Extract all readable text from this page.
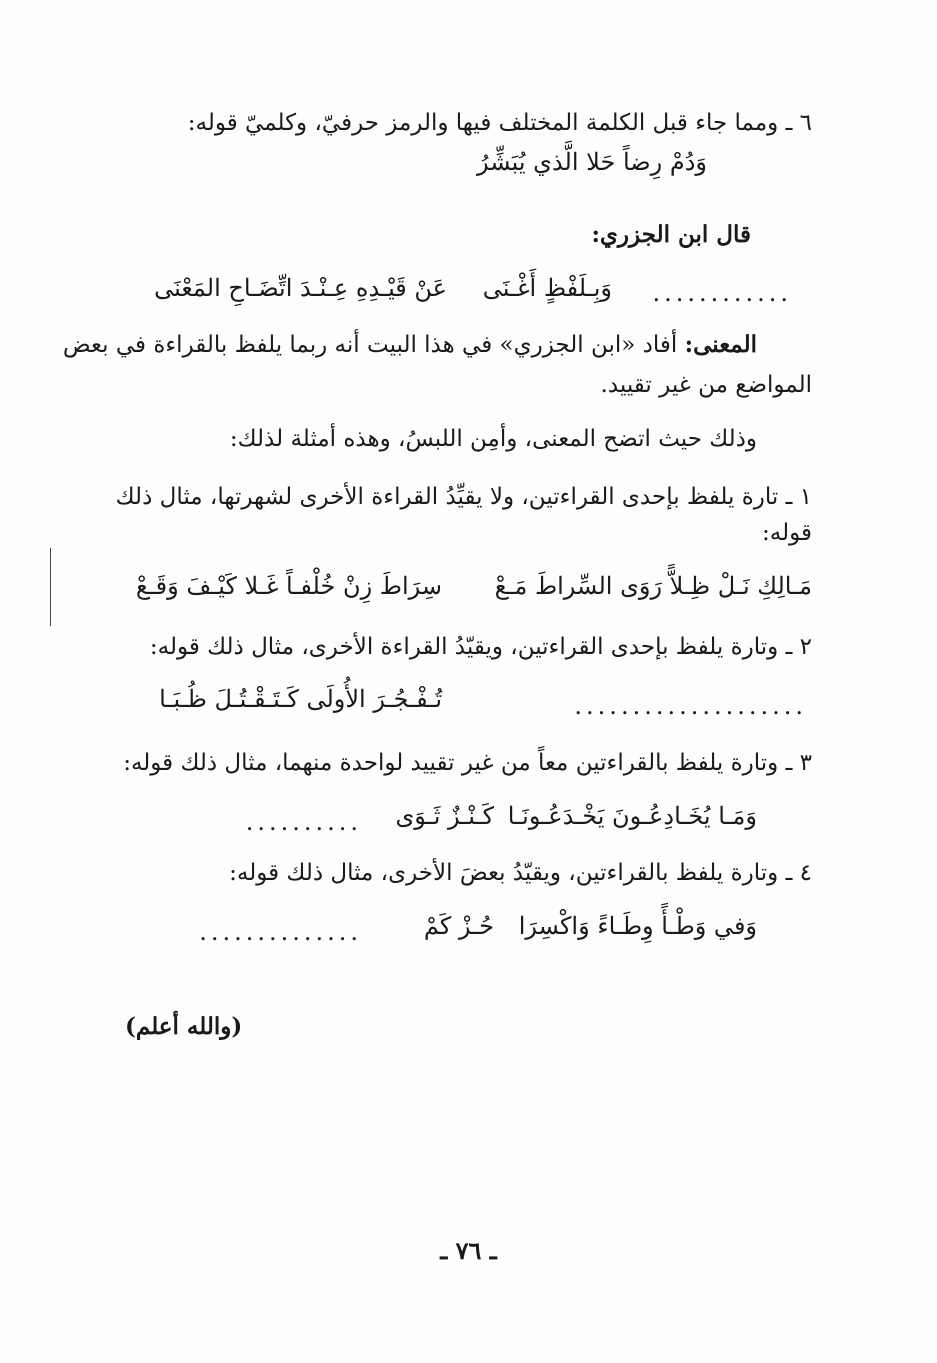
٦ ـ ومما جاء قبل الكلمة المختلف فيها والرمز حرفيّ، وكلميّ قوله:
وَدُمْ رِضاً حَلا الَّذي يُبَشِّرُ
قال ابن الجزري:
............
وَبِـلَفْظٍ أَغْـنَى
عَنْ قَيْـدِهِ عِـنْـدَ اتِّضَـاحِ المَعْنَى
المعنى: أفاد «ابن الجزري» في هذا البيت أنه ربما يلفظ بالقراءة في بعض
المواضع من غير تقييد.
وذلك حيث اتضح المعنى، وأمِن اللبسُ، وهذه أمثلة لذلك:
١ ـ تارة يلفظ بإحدى القراءتين، ولا يقيِّدُ القراءة الأخرى لشهرتها، مثال ذلك
قوله:
مَـالِكِ نَـلْ ظِـلاًّ رَوَى السِّراطَ مَـعْ
سِرَاطَ زِنْ خُلْفـاً غَـلا كَيْـفَ وَقَـعْ
٢ ـ وتارة يلفظ بإحدى القراءتين، ويقيّدُ القراءة الأخرى، مثال ذلك قوله:
....................
تُـفْـجُـرَ الأُولَى كَـتَـقْـتُـلَ ظُـبَـا
٣ ـ وتارة يلفظ بالقراءتين معاً من غير تقييد لواحدة منهما، مثال ذلك قوله:
وَمَـا يُخَـادِعُـونَ يَخْـدَعُـونَـا
كَـنْـزٌ ثَـوَى
..........
٤ ـ وتارة يلفظ بالقراءتين، ويقيّدُ بعضَ الأخرى، مثال ذلك قوله:
وَفي وَطْـأً وِطَـاءً وَاكْسِرَا
حُـزْ كَمْ
..............
(والله أعلم)
ـ ٧٦ ـ
